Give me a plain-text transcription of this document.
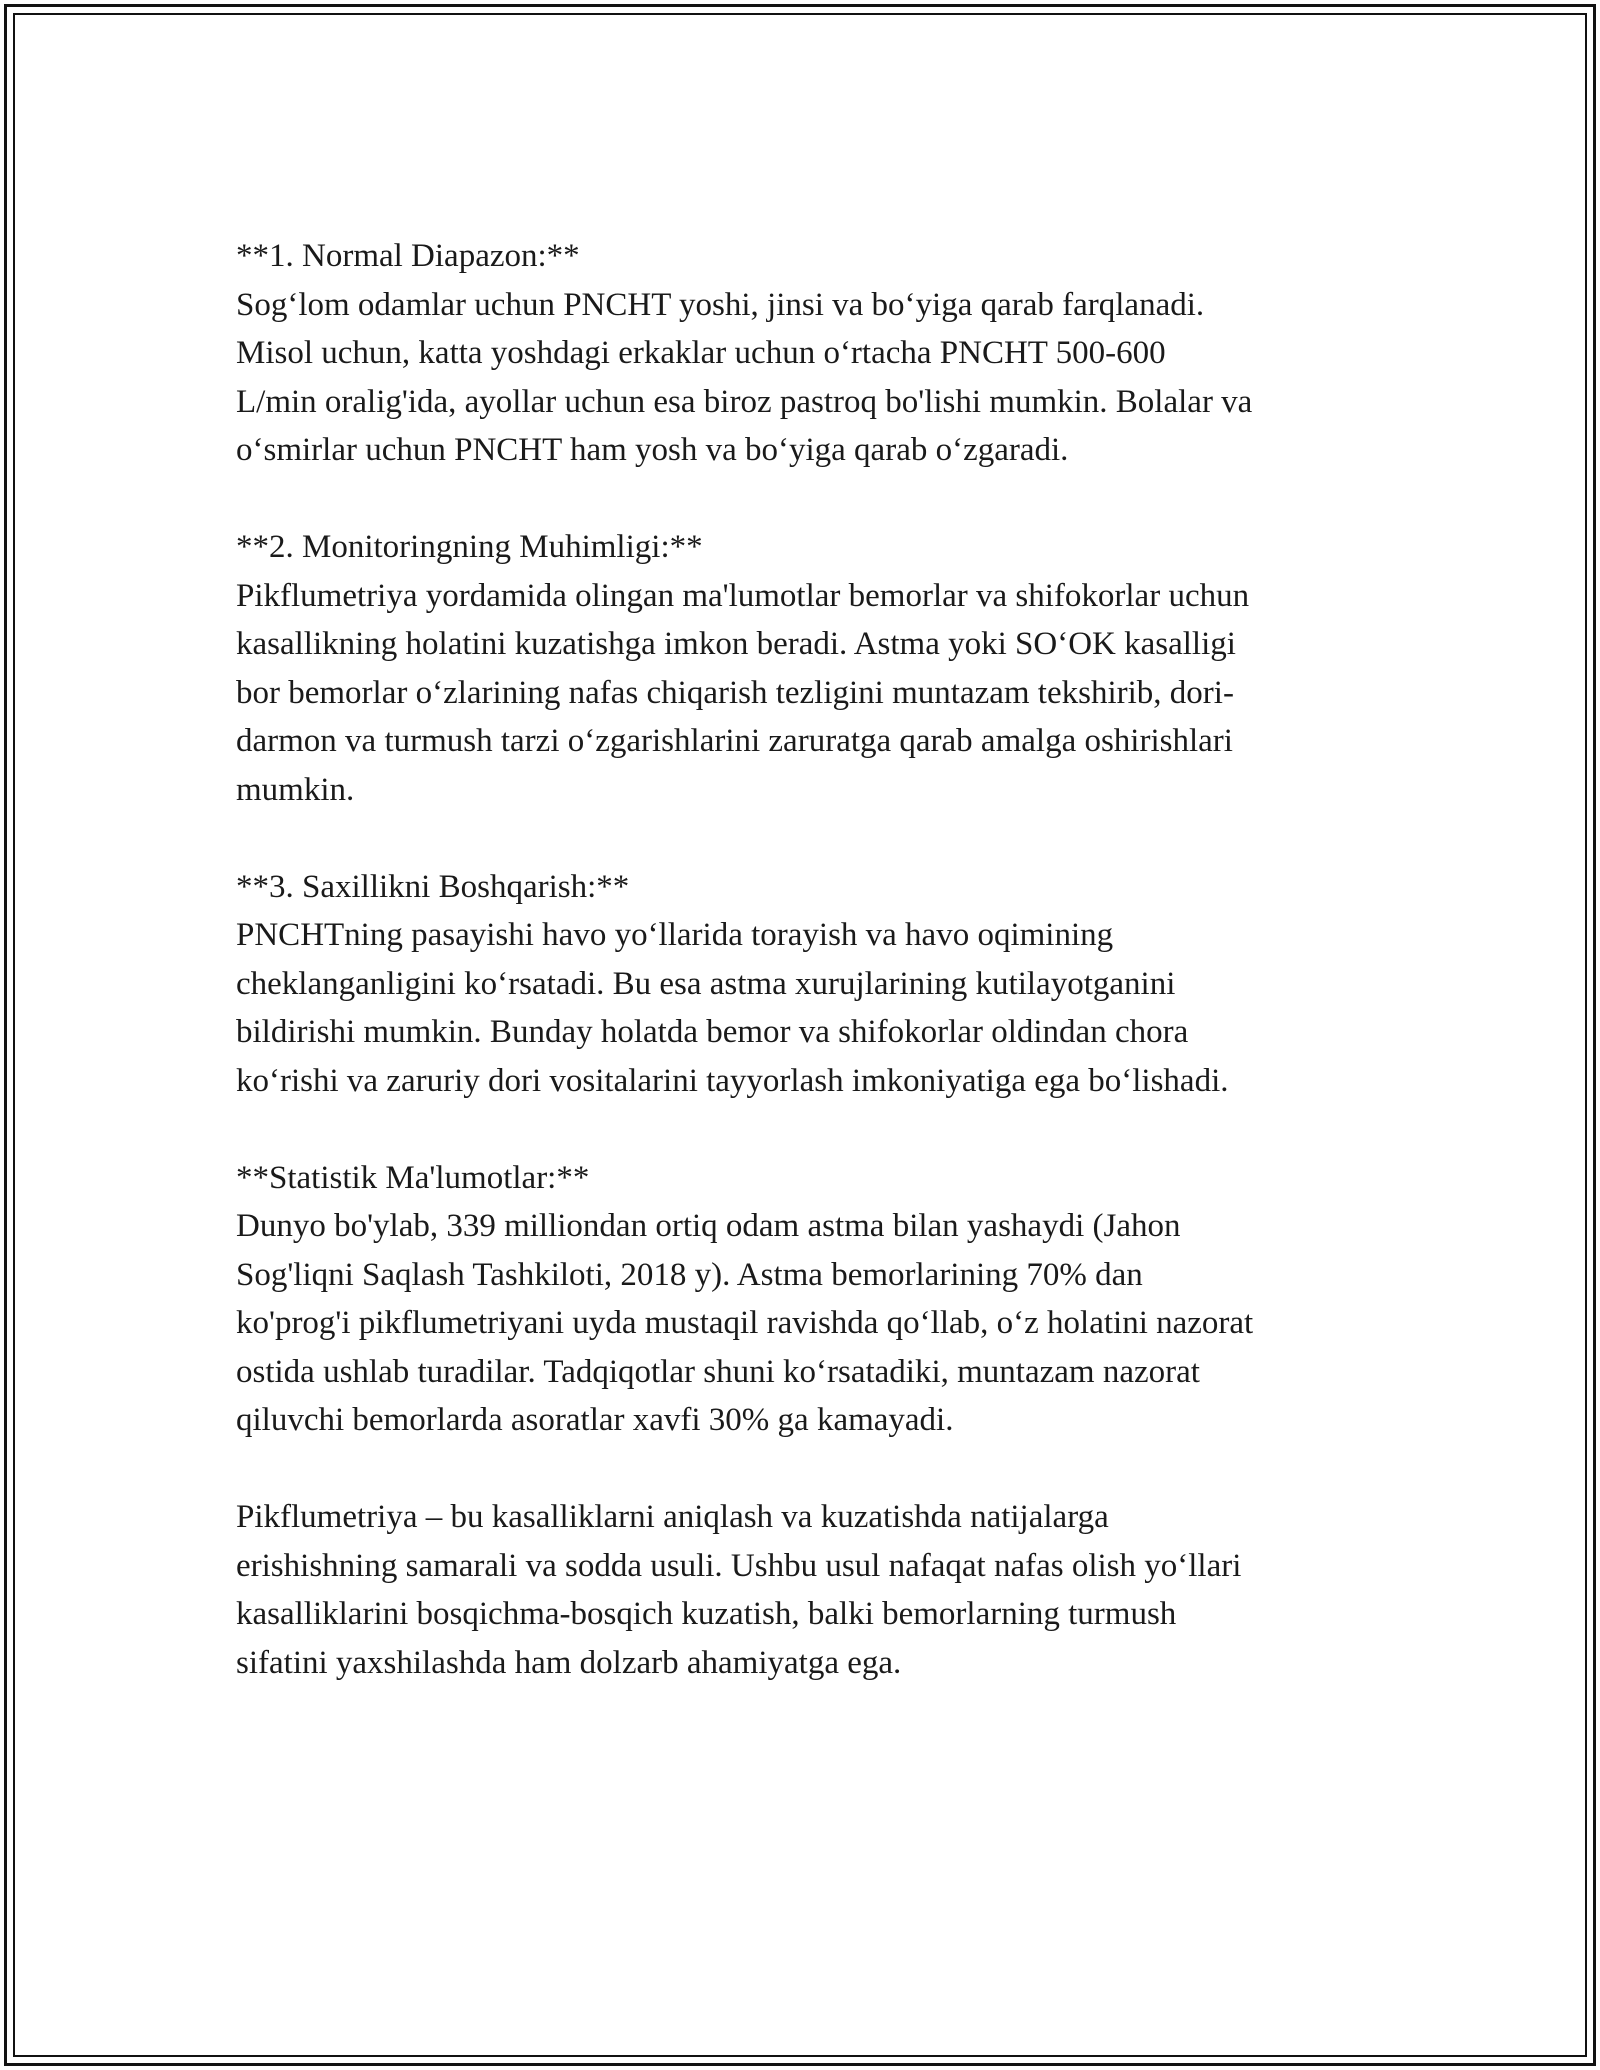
**1. Normal Diapazon:**

Sog‘lom odamlar uchun PNCHT yoshi, jinsi va bo‘yiga qarab farqlanadi.
Misol uchun, katta yoshdagi erkaklar uchun o‘rtacha PNCHT 500-600
L/min oralig'ida, ayollar uchun esa biroz pastroq bo'lishi mumkin. Bolalar va
o‘smirlar uchun PNCHT ham yosh va bo‘yiga qarab o‘zgaradi.

**2. Monitoringning Muhimligi:**

Pikflumetriya yordamida olingan ma'lumotlar bemorlar va shifokorlar uchun
kasallikning holatini kuzatishga imkon beradi. Astma yoki SO‘OK kasalligi
bor bemorlar o‘zlarining nafas chiqarish tezligini muntazam tekshirib, dori-
darmon va turmush tarzi o‘zgarishlarini zaruratga qarab amalga oshirishlari
mumkin.

**3. Saxillikni Boshqarish:**

PNCHTning pasayishi havo yo‘llarida torayish va havo oqimining
cheklanganligini ko‘rsatadi. Bu esa astma xurujlarining kutilayotganini
bildirishi mumkin. Bunday holatda bemor va shifokorlar oldindan chora
ko‘rishi va zaruriy dori vositalarini tayyorlash imkoniyatiga ega bo‘lishadi.

**Statistik Ma'lumotlar:**

Dunyo bo'ylab, 339 milliondan ortiq odam astma bilan yashaydi (Jahon
Sog'liqni Saqlash Tashkiloti, 2018 y). Astma bemorlarining 70% dan
ko'prog'i pikflumetriyani uyda mustaqil ravishda qo‘llab, o‘z holatini nazorat
ostida ushlab turadilar. Tadqiqotlar shuni ko‘rsatadiki, muntazam nazorat
qiluvchi bemorlarda asoratlar xavfi 30% ga kamayadi.

Pikflumetriya – bu kasalliklarni aniqlash va kuzatishda natijalarga
erishishning samarali va sodda usuli. Ushbu usul nafaqat nafas olish yo‘llari
kasalliklarini bosqichma-bosqich kuzatish, balki bemorlarning turmush
sifatini yaxshilashda ham dolzarb ahamiyatga ega.
